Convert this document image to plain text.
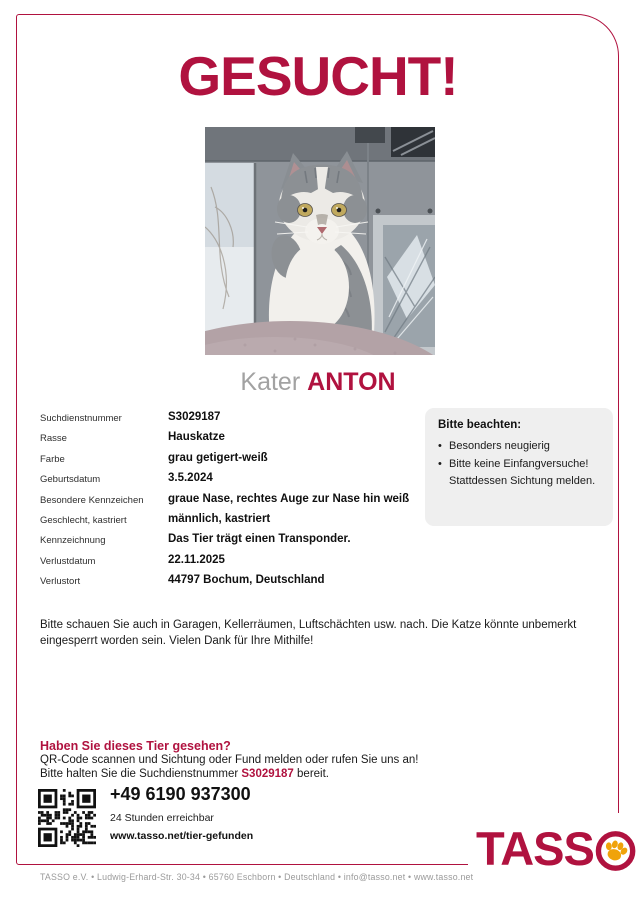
GESUCHT!
Kater ANTON
Suchdienstnummer	S3029187
Rasse	Hauskatze
Farbe	grau getigert-weiß
Geburtsdatum	3.5.2024
Besondere Kennzeichen	graue Nase, rechtes Auge zur Nase hin weiß
Geschlecht, kastriert	männlich, kastriert
Kennzeichnung	Das Tier trägt einen Transponder.
Verlustdatum	22.11.2025
Verlustort	44797 Bochum, Deutschland
Bitte beachten:
• Besonders neugierig
• Bitte keine Einfangversuche! Stattdessen Sichtung melden.
Bitte schauen Sie auch in Garagen, Kellerräumen, Luftschächten usw. nach. Die Katze könnte unbemerkt eingesperrt worden sein. Vielen Dank für Ihre Mithilfe!
Haben Sie dieses Tier gesehen?
QR-Code scannen und Sichtung oder Fund melden oder rufen Sie uns an!
Bitte halten Sie die Suchdienstnummer S3029187 bereit.
+49 6190 937300
24 Stunden erreichbar
www.tasso.net/tier-gefunden	TASS
TASSO e.V. • Ludwig-Erhard-Str. 30-34 • 65760 Eschborn • Deutschland • info@tasso.net • www.tasso.net
